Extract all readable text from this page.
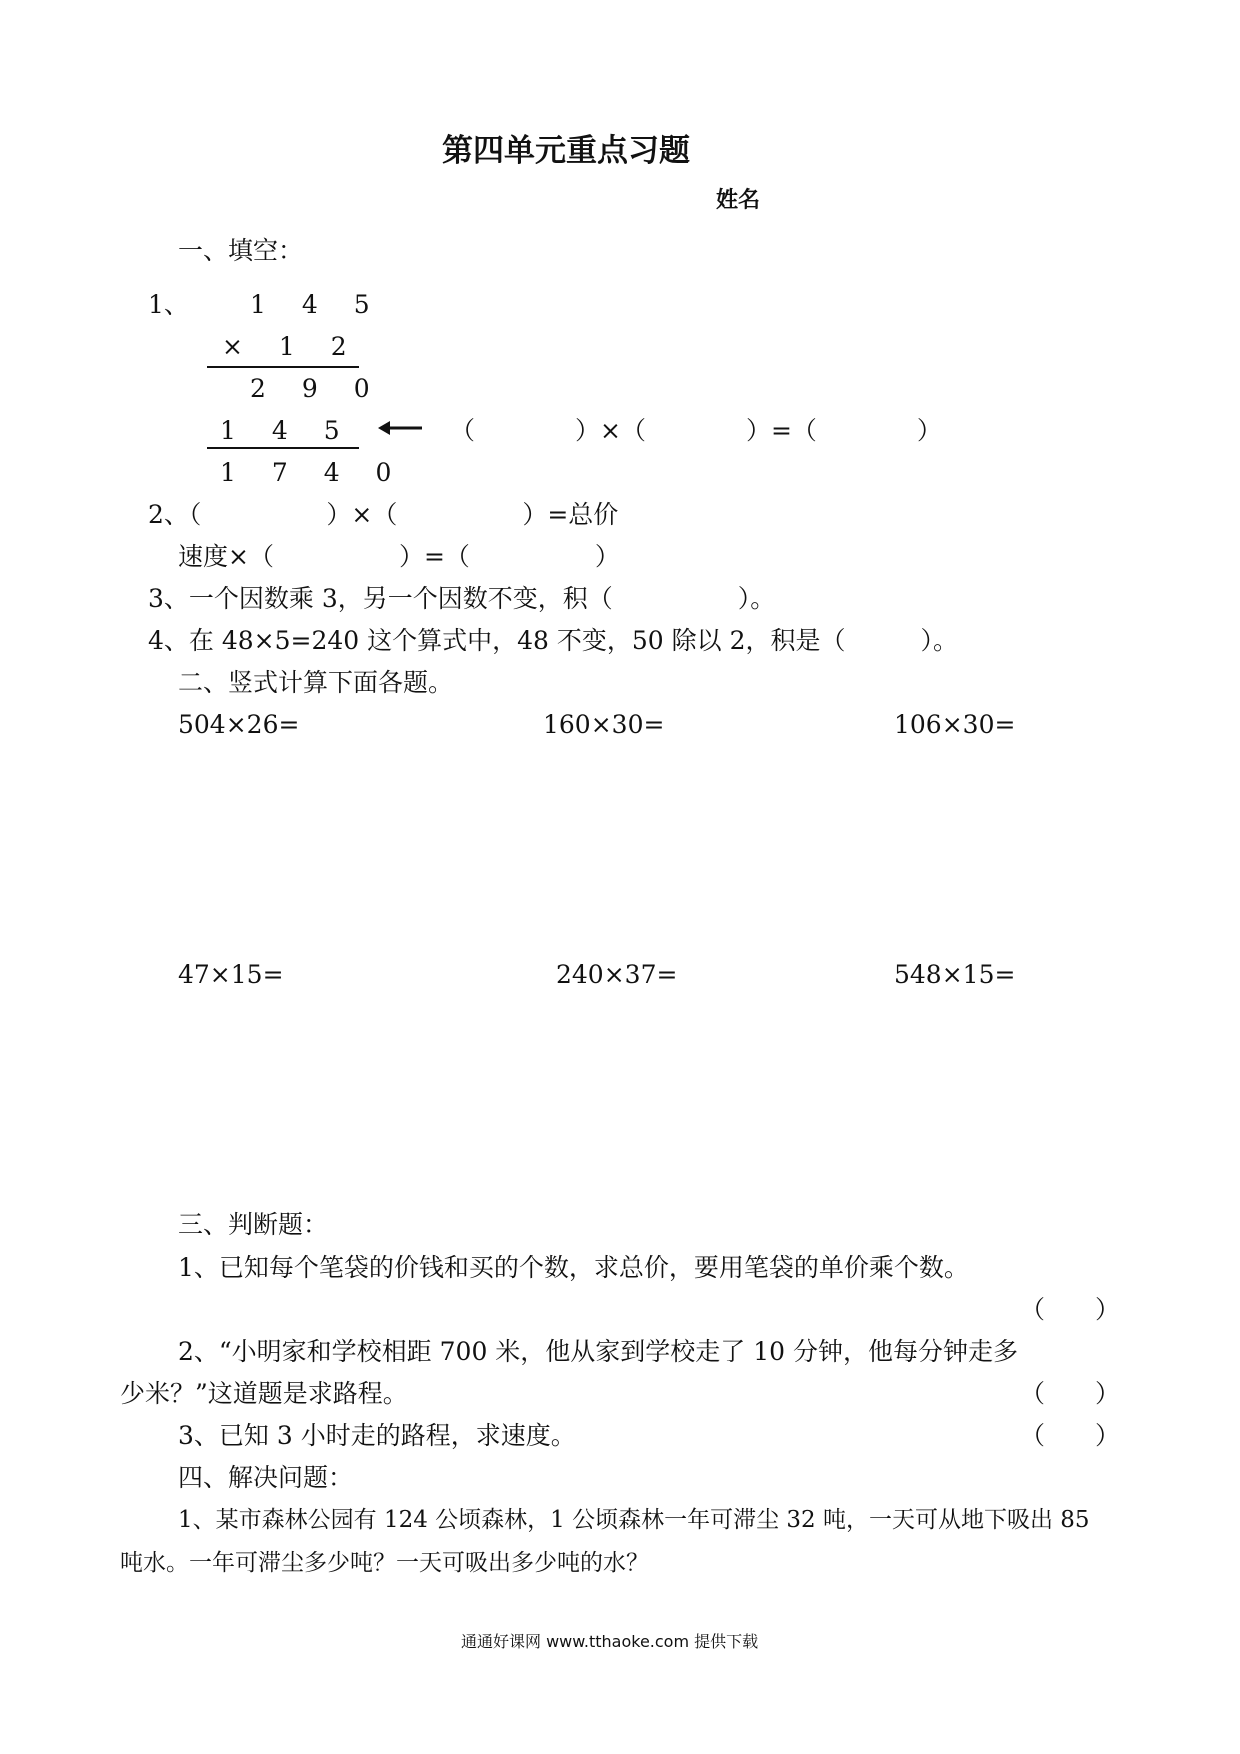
第四单元重点习题
姓名
一、填空：
1、 1 4 5
× 1 2
2 9 0
1 4 5
1 7 4 0
（　　　　）×（　　　　）=（　　　　）
2、（　　　　　）×（　　　　　）=总价
速度×（　　　　　）=（　　　　　）
3、一个因数乘 3，另一个因数不变，积（　　　　　）。
4、在 48×5=240 这个算式中，48 不变，50 除以 2，积是（　　　）。
二、竖式计算下面各题。
504×26=	160×30=	106×30=
47×15=	240×37=	548×15=
三、判断题：
1、已知每个笔袋的价钱和买的个数，求总价，要用笔袋的单价乘个数。
（　　）
2、“小明家和学校相距 700 米，他从家到学校走了 10 分钟，他每分钟走多
少米？”这道题是求路程。	（　　）
3、已知 3 小时走的路程，求速度。	（　　）
四、解决问题：
1、某市森林公园有 124 公顷森林，1 公顷森林一年可滞尘 32 吨，一天可从地下吸出 85
吨水。一年可滞尘多少吨？一天可吸出多少吨的水？
通通好课网 www.tthaoke.com 提供下载
